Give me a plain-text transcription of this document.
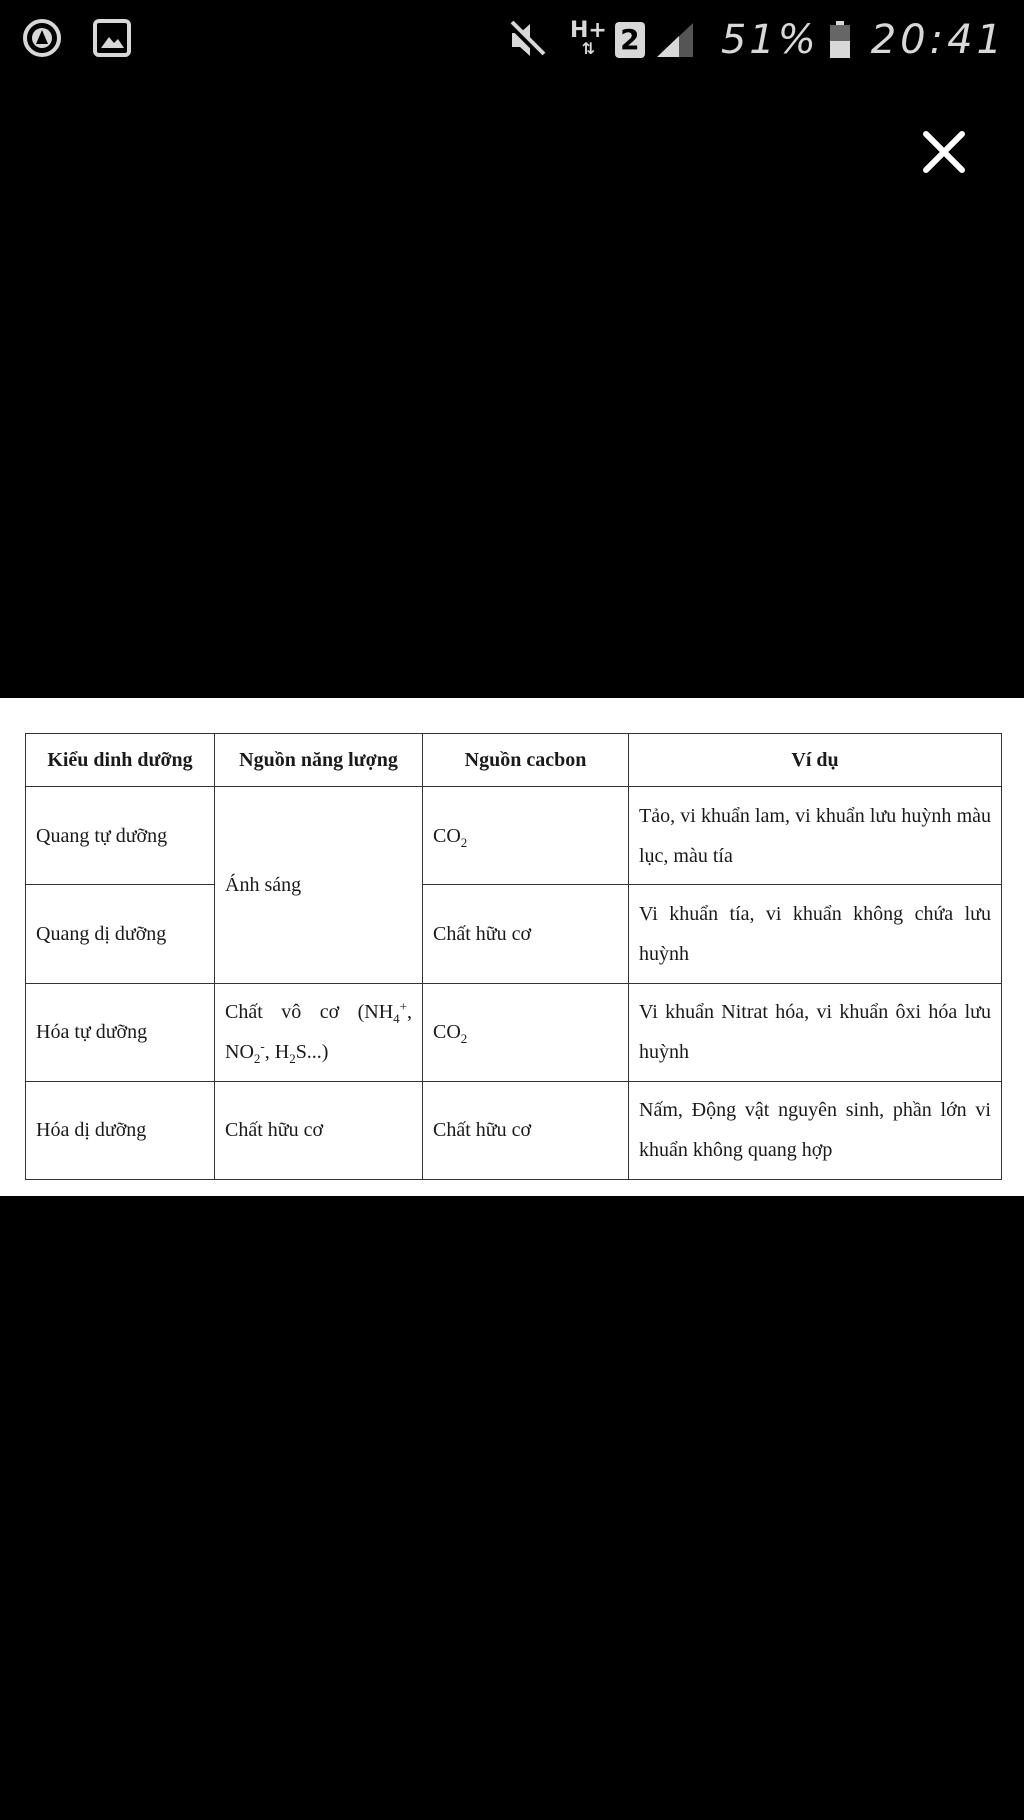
H+
⇅ 2 51% 20:41
Kiểu dinh dưỡng	Nguồn năng lượng	Nguồn cacbon	Ví dụ
Quang tự dưỡng	Ánh sáng	$CO_2$	Tảo, vi khuẩn lam, vi khuẩn lưu huỳnh màu lục, màu tía
Quang dị dưỡng		Chất hữu cơ	Vi khuẩn tía, vi khuẩn không chứa lưu huỳnh
Hóa tự dưỡng	Chất vô cơ ($NH_4^+$, $NO_2^-$, $H_2S$...)	$CO_2$	Vi khuẩn Nitrat hóa, vi khuẩn ôxi hóa lưu huỳnh
Hóa dị dưỡng	Chất hữu cơ	Chất hữu cơ	Nấm, Động vật nguyên sinh, phần lớn vi khuẩn không quang hợp
